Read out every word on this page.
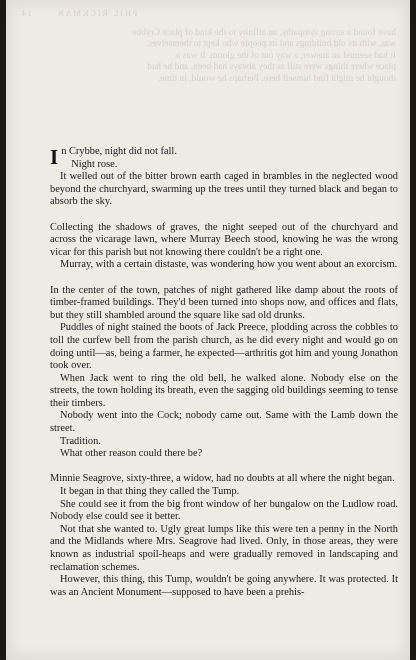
PHIL RICKMAN      14
have found a strong sympathy, an affinity to the kind of place Crybbe
was, with its old buildings and its people who kept to themselves.
It had seemed an answer, a way out of the gloom. It was a
place where things were still as they always had been, and he had
thought he might find himself here. Perhaps he would, in time.

In Crybbe, night did not fall.

Night rose.

It welled out of the bitter brown earth caged in brambles in the neglected wood beyond the churchyard, swarming up the trees until they turned black and began to absorb the sky.

Collecting the shadows of graves, the night seeped out of the churchyard and across the vicarage lawn, where Murray Beech stood, knowing he was the wrong vicar for this parish but not knowing there couldn't be a right one.

Murray, with a certain distaste, was wondering how you went about an exorcism.

In the center of the town, patches of night gathered like damp about the roots of timber-framed buildings. They'd been turned into shops now, and offices and flats, but they still shambled around the square like sad old drunks.

Puddles of night stained the boots of Jack Preece, plodding across the cobbles to toll the curfew bell from the parish church, as he did every night and would go on doing until—as, being a farmer, he expected—arthritis got him and young Jonathon took over.

When Jack went to ring the old bell, he walked alone. Nobody else on the streets, the town holding its breath, even the sagging old buildings seeming to tense their timbers.

Nobody went into the Cock; nobody came out. Same with the Lamb down the street.

Tradition.

What other reason could there be?

Minnie Seagrove, sixty-three, a widow, had no doubts at all where the night began.

It began in that thing they called the Tump.

She could see it from the big front window of her bungalow on the Ludlow road. Nobody else could see it better.

Not that she wanted to. Ugly great lumps like this were ten a penny in the North and the Midlands where Mrs. Seagrove had lived. Only, in those areas, they were known as industrial spoil-heaps and were gradually removed in landscaping and reclamation schemes.

However, this thing, this Tump, wouldn't be going anywhere. It was protected. It was an Ancient Monument—supposed to have been a prehis-
